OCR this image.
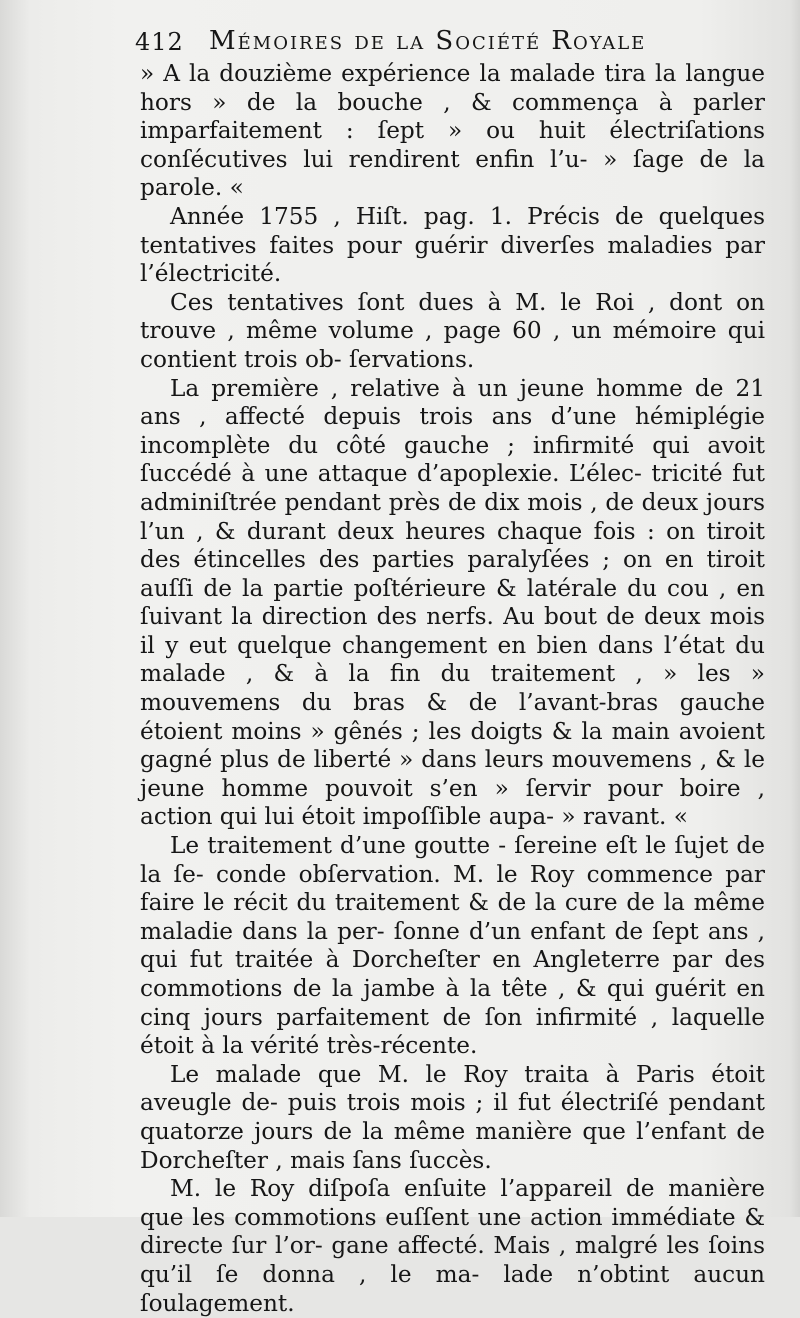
412 Mémoires de la Société Royale

» A la douzième expérience la malade tira la langue hors » de la bouche , & commença à parler imparfaitement : ſept » ou huit électriſations conſécutives lui rendirent enfin l’u- » ſage de la parole. «

Année 1755 , Hiſt. pag. 1. Précis de quelques tentatives faites pour guérir diverſes maladies par l’électricité.

Ces tentatives ſont dues à M. le Roi , dont on trouve , même volume , page 60 , un mémoire qui contient trois ob- ſervations.

La première , relative à un jeune homme de 21 ans , affecté depuis trois ans d’une hémiplégie incomplète du côté gauche ; infirmité qui avoit ſuccédé à une attaque d’apoplexie. L’élec- tricité fut adminiſtrée pendant près de dix mois , de deux jours l’un , & durant deux heures chaque fois : on tiroit des étincelles des parties paralyſées ; on en tiroit auſſi de la partie poſtérieure & latérale du cou , en ſuivant la direction des nerfs. Au bout de deux mois il y eut quelque changement en bien dans l’état du malade , & à la fin du traitement , » les » mouvemens du bras & de l’avant-bras gauche étoient moins » gênés ; les doigts & la main avoient gagné plus de liberté » dans leurs mouvemens , & le jeune homme pouvoit s’en » ſervir pour boire , action qui lui étoit impoſſible aupa- » ravant. «

Le traitement d’une goutte - ſereine eſt le ſujet de la ſe- conde obſervation. M. le Roy commence par faire le récit du traitement & de la cure de la même maladie dans la per- ſonne d’un enfant de ſept ans , qui fut traitée à Dorcheſter en Angleterre par des commotions de la jambe à la tête , & qui guérit en cinq jours parfaitement de ſon infirmité , laquelle étoit à la vérité très-récente.

Le malade que M. le Roy traita à Paris étoit aveugle de- puis trois mois ; il fut électriſé pendant quatorze jours de la même manière que l’enfant de Dorcheſter , mais ſans ſuccès.

M. le Roy diſpoſa enſuite l’appareil de manière que les commotions euſſent une action immédiate & directe ſur l’or- gane affecté. Mais , malgré les ſoins qu’il ſe donna , le ma- lade n’obtint aucun ſoulagement.
